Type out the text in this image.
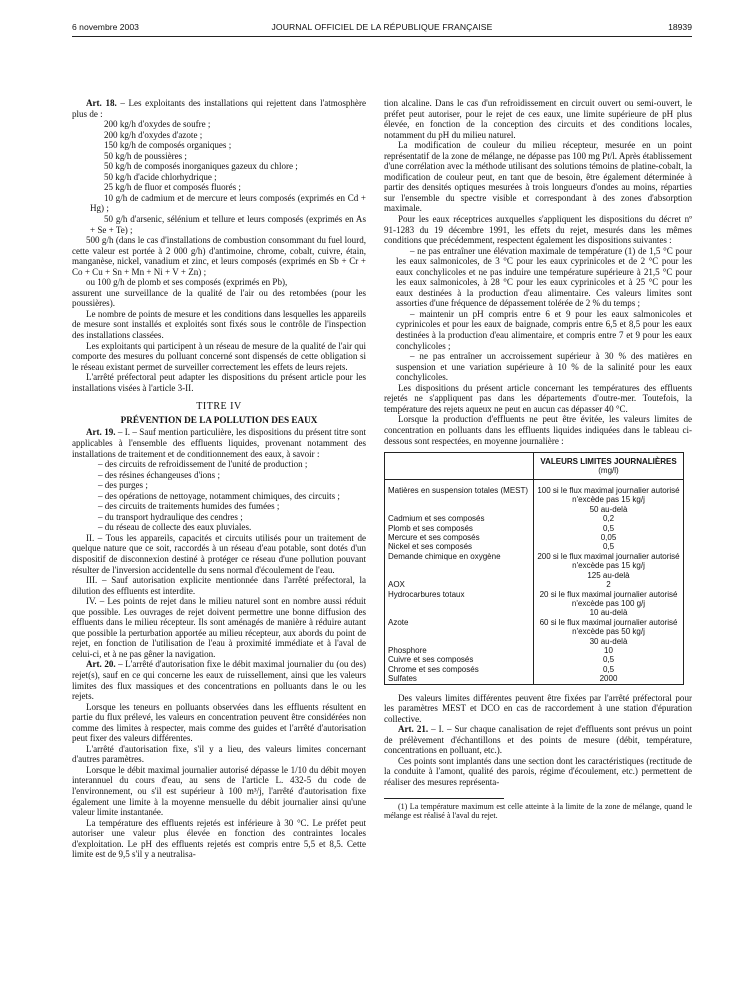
6 novembre 2003	JOURNAL OFFICIEL DE LA RÉPUBLIQUE FRANÇAISE	18939

Art. 18. – Les exploitants des installations qui rejettent dans l'atmosphère plus de :

200 kg/h d'oxydes de soufre ;

200 kg/h d'oxydes d'azote ;

150 kg/h de composés organiques ;

50 kg/h de poussières ;

50 kg/h de composés inorganiques gazeux du chlore ;

50 kg/h d'acide chlorhydrique ;

25 kg/h de fluor et composés fluorés ;

10 g/h de cadmium et de mercure et leurs composés (exprimés en Cd + Hg) ;

50 g/h d'arsenic, sélénium et tellure et leurs composés (exprimés en As + Se + Te) ;

500 g/h (dans le cas d'installations de combustion consommant du fuel lourd, cette valeur est portée à 2 000 g/h) d'antimoine, chrome, cobalt, cuivre, étain, manganèse, nickel, vanadium et zinc, et leurs composés (exprimés en Sb + Cr + Co + Cu + Sn + Mn + Ni + V + Zn) ;

ou 100 g/h de plomb et ses composés (exprimés en Pb),

assurent une surveillance de la qualité de l'air ou des retombées (pour les poussières).

Le nombre de points de mesure et les conditions dans lesquelles les appareils de mesure sont installés et exploités sont fixés sous le contrôle de l'inspection des installations classées.

Les exploitants qui participent à un réseau de mesure de la qualité de l'air qui comporte des mesures du polluant concerné sont dispensés de cette obligation si le réseau existant permet de surveiller correctement les effets de leurs rejets.

L'arrêté préfectoral peut adapter les dispositions du présent article pour les installations visées à l'article 3-II.

TITRE IV
PRÉVENTION DE LA POLLUTION DES EAUX

Art. 19. – I. – Sauf mention particulière, les dispositions du présent titre sont applicables à l'ensemble des effluents liquides, provenant notamment des installations de traitement et de conditionnement des eaux, à savoir :

– des circuits de refroidissement de l'unité de production ;

– des résines échangeuses d'ions ;

– des purges ;

– des opérations de nettoyage, notamment chimiques, des circuits ;

– des circuits de traitements humides des fumées ;

– du transport hydraulique des cendres ;

– du réseau de collecte des eaux pluviales.

II. – Tous les appareils, capacités et circuits utilisés pour un traitement de quelque nature que ce soit, raccordés à un réseau d'eau potable, sont dotés d'un dispositif de disconnexion destiné à protéger ce réseau d'une pollution pouvant résulter de l'inversion accidentelle du sens normal d'écoulement de l'eau.

III. – Sauf autorisation explicite mentionnée dans l'arrêté préfectoral, la dilution des effluents est interdite.

IV. – Les points de rejet dans le milieu naturel sont en nombre aussi réduit que possible. Les ouvrages de rejet doivent permettre une bonne diffusion des effluents dans le milieu récepteur. Ils sont aménagés de manière à réduire autant que possible la perturbation apportée au milieu récepteur, aux abords du point de rejet, en fonction de l'utilisation de l'eau à proximité immédiate et à l'aval de celui-ci, et à ne pas gêner la navigation.

Art. 20. – L'arrêté d'autorisation fixe le débit maximal journalier du (ou des) rejet(s), sauf en ce qui concerne les eaux de ruissellement, ainsi que les valeurs limites des flux massiques et des concentrations en polluants dans le ou les rejets.

Lorsque les teneurs en polluants observées dans les effluents résultent en partie du flux prélevé, les valeurs en concentration peuvent être considérées non comme des limites à respecter, mais comme des guides et l'arrêté d'autorisation peut fixer des valeurs différentes.

L'arrêté d'autorisation fixe, s'il y a lieu, des valeurs limites concernant d'autres paramètres.

Lorsque le débit maximal journalier autorisé dépasse le 1/10 du débit moyen interannuel du cours d'eau, au sens de l'article L. 432-5 du code de l'environnement, ou s'il est supérieur à 100 m³/j, l'arrêté d'autorisation fixe également une limite à la moyenne mensuelle du débit journalier ainsi qu'une valeur limite instantanée.

La température des effluents rejetés est inférieure à 30 °C. Le préfet peut autoriser une valeur plus élevée en fonction des contraintes locales d'exploitation. Le pH des effluents rejetés est compris entre 5,5 et 8,5. Cette limite est de 9,5 s'il y a neutralisa-

tion alcaline. Dans le cas d'un refroidissement en circuit ouvert ou semi-ouvert, le préfet peut autoriser, pour le rejet de ces eaux, une limite supérieure de pH plus élevée, en fonction de la conception des circuits et des conditions locales, notamment du pH du milieu naturel.

La modification de couleur du milieu récepteur, mesurée en un point représentatif de la zone de mélange, ne dépasse pas 100 mg Pt/l. Après établissement d'une corrélation avec la méthode utilisant des solutions témoins de platine-cobalt, la modification de couleur peut, en tant que de besoin, être également déterminée à partir des densités optiques mesurées à trois longueurs d'ondes au moins, réparties sur l'ensemble du spectre visible et correspondant à des zones d'absorption maximale.

Pour les eaux réceptrices auxquelles s'appliquent les dispositions du décret nº 91-1283 du 19 décembre 1991, les effets du rejet, mesurés dans les mêmes conditions que précédemment, respectent également les dispositions suivantes :

– ne pas entraîner une élévation maximale de température (1) de 1,5 °C pour les eaux salmonicoles, de 3 °C pour les eaux cyprinicoles et de 2 °C pour les eaux conchylicoles et ne pas induire une température supérieure à 21,5 °C pour les eaux salmonicoles, à 28 °C pour les eaux cyprinicoles et à 25 °C pour les eaux destinées à la production d'eau alimentaire. Ces valeurs limites sont assorties d'une fréquence de dépassement tolérée de 2 % du temps ;

– maintenir un pH compris entre 6 et 9 pour les eaux salmonicoles et cyprinicoles et pour les eaux de baignade, compris entre 6,5 et 8,5 pour les eaux destinées à la production d'eau alimentaire, et compris entre 7 et 9 pour les eaux conchylicoles ;

– ne pas entraîner un accroissement supérieur à 30 % des matières en suspension et une variation supérieure à 10 % de la salinité pour les eaux conchylicoles.

Les dispositions du présent article concernant les températures des effluents rejetés ne s'appliquent pas dans les départements d'outre-mer. Toutefois, la température des rejets aqueux ne peut en aucun cas dépasser 40 °C.

Lorsque la production d'effluents ne peut être évitée, les valeurs limites de concentration en polluants dans les effluents liquides indiquées dans le tableau ci-dessous sont respectées, en moyenne journalière :

	VALEURS LIMITES JOURNALIÈRES
(mg/l)
Matières en suspension totales (MEST)	100 si le flux maximal journalier autorisé n'excède pas 15 kg/j
50 au-delà
Cadmium et ses composés	0,2
Plomb et ses composés	0,5
Mercure et ses composés	0,05
Nickel et ses composés	0,5
Demande chimique en oxygène	200 si le flux maximal journalier autorisé n'excède pas 15 kg/j
125 au-delà
AOX	2
Hydrocarbures totaux	20 si le flux maximal journalier autorisé n'excède pas 100 g/j
10 au-delà
Azote	60 si le flux maximal journalier autorisé n'excède pas 50 kg/j
30 au-delà
Phosphore	10
Cuivre et ses composés	0,5
Chrome et ses composés	0,5
Sulfates	2000

Des valeurs limites différentes peuvent être fixées par l'arrêté préfectoral pour les paramètres MEST et DCO en cas de raccordement à une station d'épuration collective.

Art. 21. – I. – Sur chaque canalisation de rejet d'effluents sont prévus un point de prélèvement d'échantillons et des points de mesure (débit, température, concentrations en polluant, etc.).

Ces points sont implantés dans une section dont les caractéristiques (rectitude de la conduite à l'amont, qualité des parois, régime d'écoulement, etc.) permettent de réaliser des mesures représenta-

(1) La température maximum est celle atteinte à la limite de la zone de mélange, quand le mélange est réalisé à l'aval du rejet.
